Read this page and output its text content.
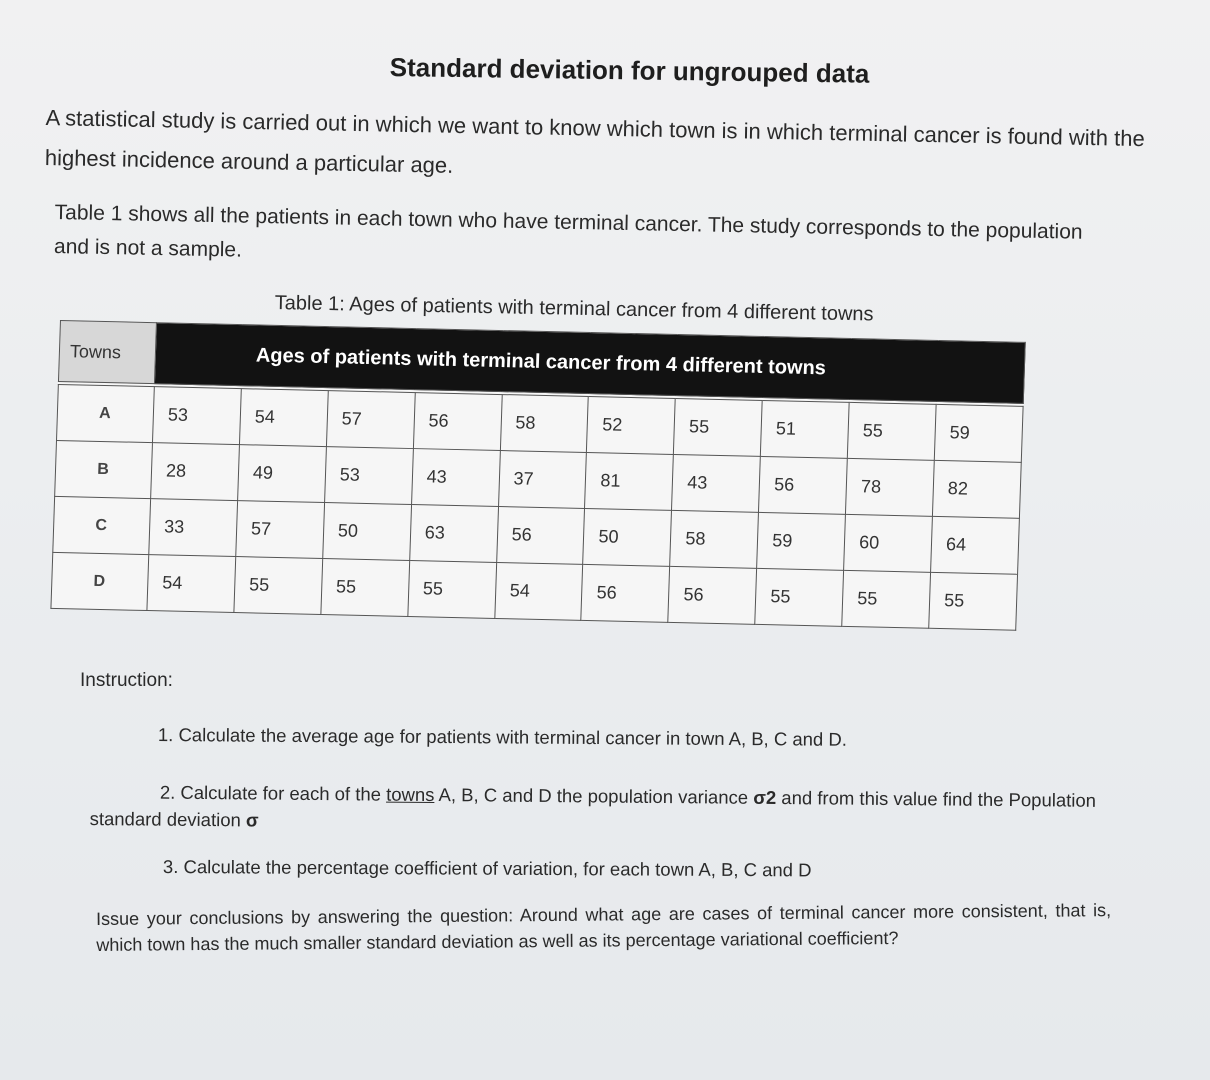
Standard deviation for ungrouped data
A statistical study is carried out in which we want to know which town is in which terminal cancer is found with the highest incidence around a particular age.
Table 1 shows all the patients in each town who have terminal cancer. The study corresponds to the population and is not a sample.
Table 1: Ages of patients with terminal cancer from 4 different towns
Towns	Ages of patients with terminal cancer from 4 different towns									

A	53	54	57	56	58	52	55	51	55	59
B	28	49	53	43	37	81	43	56	78	82
C	33	57	50	63	56	50	58	59	60	64
D	54	55	55	55	54	56	56	55	55	55
Instruction:
1. Calculate the average age for patients with terminal cancer in town A, B, C and D.
2. Calculate for each of the towns A, B, C and D the population variance σ2 and from this value find the Population standard deviation σ
3. Calculate the percentage coefficient of variation, for each town A, B, C and D
Issue your conclusions by answering the question: Around what age are cases of terminal cancer more consistent, that is, which town has the much smaller standard deviation as well as its percentage variational coefficient?
